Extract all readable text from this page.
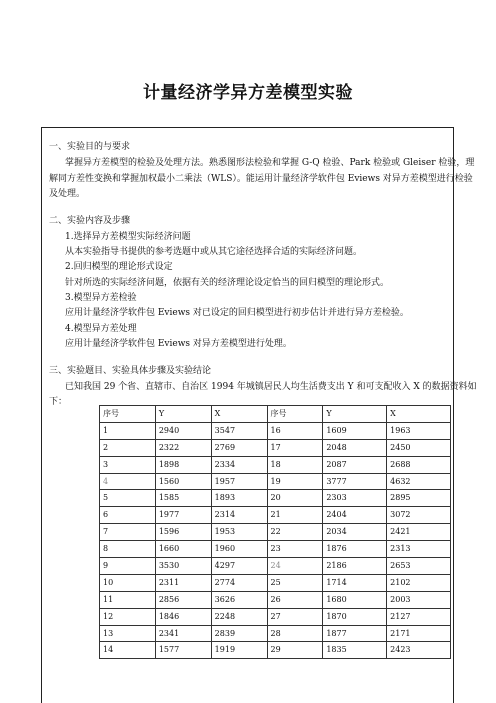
计量经济学异方差模型实验
一、实验目的与要求
掌握异方差模型的检验及处理方法。熟悉图形法检验和掌握 G-Q 检验、Park 检验或 Gleiser 检验，理
解同方差性变换和掌握加权最小二乘法（WLS）。能运用计量经济学软件包 Eviews 对异方差模型进行检验
及处理。
二、实验内容及步骤
1.选择异方差模型实际经济问题
从本实验指导书提供的参考选题中或从其它途径选择合适的实际经济问题。
2.回归模型的理论形式设定
针对所选的实际经济问题，依据有关的经济理论设定恰当的回归模型的理论形式。
3.模型异方差检验
应用计量经济学软件包 Eviews 对已设定的回归模型进行初步估计并进行异方差检验。
4.模型异方差处理
应用计量经济学软件包 Eviews 对异方差模型进行处理。
三、实验题目、实验具体步骤及实验结论
已知我国 29 个省、直辖市、自治区 1994 年城镇居民人均生活费支出 Y 和可支配收入 X 的数据资料如
下：
序号	Y	X	序号	Y	X
1	2940	3547	16	1609	1963
2	2322	2769	17	2048	2450
3	1898	2334	18	2087	2688
4	1560	1957	19	3777	4632
5	1585	1893	20	2303	2895
6	1977	2314	21	2404	3072
7	1596	1953	22	2034	2421
8	1660	1960	23	1876	2313
9	3530	4297	24	2186	2653
10	2311	2774	25	1714	2102
11	2856	3626	26	1680	2003
12	1846	2248	27	1870	2127
13	2341	2839	28	1877	2171
14	1577	1919	29	1835	2423
